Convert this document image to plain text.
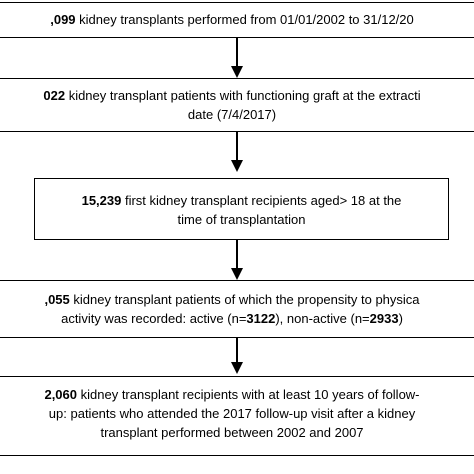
,099 kidney transplants performed from 01/01/2002 to 31/12/20
022 kidney transplant patients with functioning graft at the extracti
date (7/4/2017)
15,239 first kidney transplant recipients aged> 18 at the
time of transplantation
,055 kidney transplant patients of which the propensity to physica
activity was recorded: active (n=3122), non-active (n=2933)
2,060 kidney transplant recipients with at least 10 years of follow-
up: patients who attended the 2017 follow-up visit after a kidney
transplant performed between 2002 and 2007
